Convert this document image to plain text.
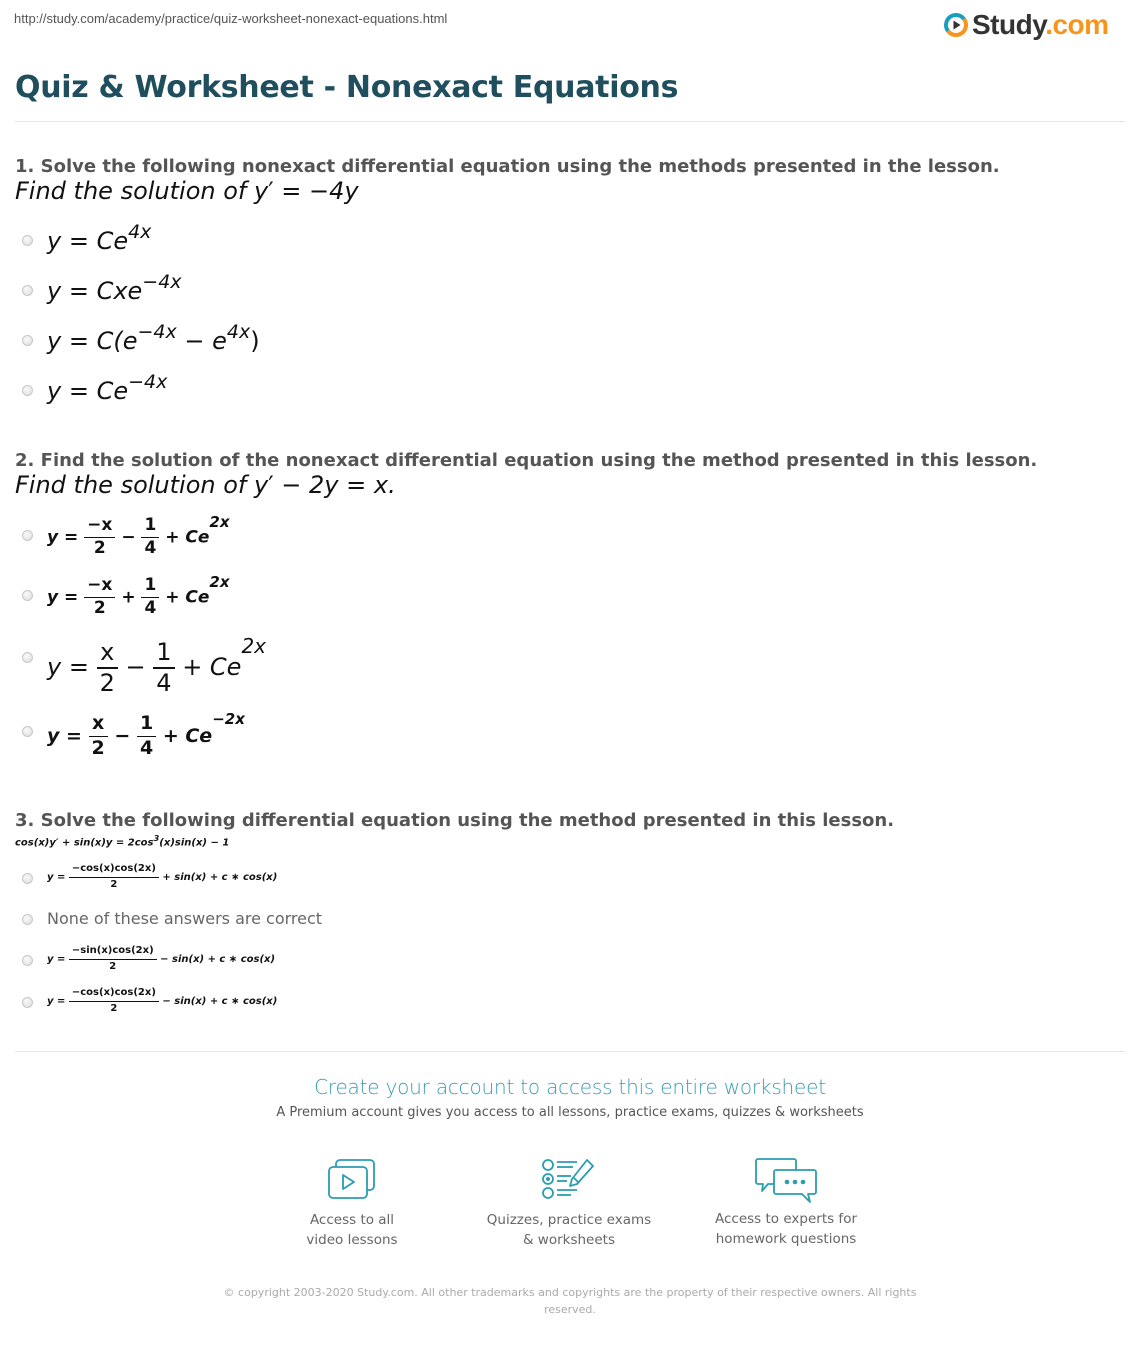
http://study.com/academy/practice/quiz-worksheet-nonexact-equations.html	Study.com
Quiz & Worksheet - Nonexact Equations
1. Solve the following nonexact differential equation using the methods presented in the lesson.
Find the solution of y′ = −4y
$y = Ce^{4x}$
y = Cxe$^{-4x}$
$y = C(e^{-4x} - e^{4x})$
$y = Ce^{-4x}$
2. Find the solution of the nonexact differential equation using the method presented in this lesson.
Find the solution of y′ − 2y = x.
$y = \frac{-x}{2} - \frac{1}{4} + Ce^{2x}$
$y = \frac{-x}{2} + \frac{1}{4} + Ce^{2x}$
$y = \frac{x}{2} - \frac{1}{4} + Ce^{2x}$
$y = \frac{x}{2} - \frac{1}{4} + Ce^{-2x}$
3. Solve the following differential equation using the method presented in this lesson.
$\cos(x)y' + \sin(x)y = 2\cos^3(x)\sin(x) - 1$
$y = \frac{-\cos(x)\cos(2x)}{2} + \sin(x) + c$ ∗ cos(x)
None of these answers are correct
$y = \frac{-\sin(x)\cos(2x)}{2} - \sin(x) + c$ ∗ cos(x)
$y = \frac{-\cos(x)\cos(2x)}{2} - \sin(x) + c$ ∗ cos(x)
Create your account to access this entire worksheet
A Premium account gives you access to all lessons, practice exams, quizzes & worksheets
Access to all
video lessons
Quizzes, practice exams
& worksheets
Access to experts for
homework questions
© copyright 2003-2020 Study.com. All other trademarks and copyrights are the property of their respective owners. All rights reserved.
